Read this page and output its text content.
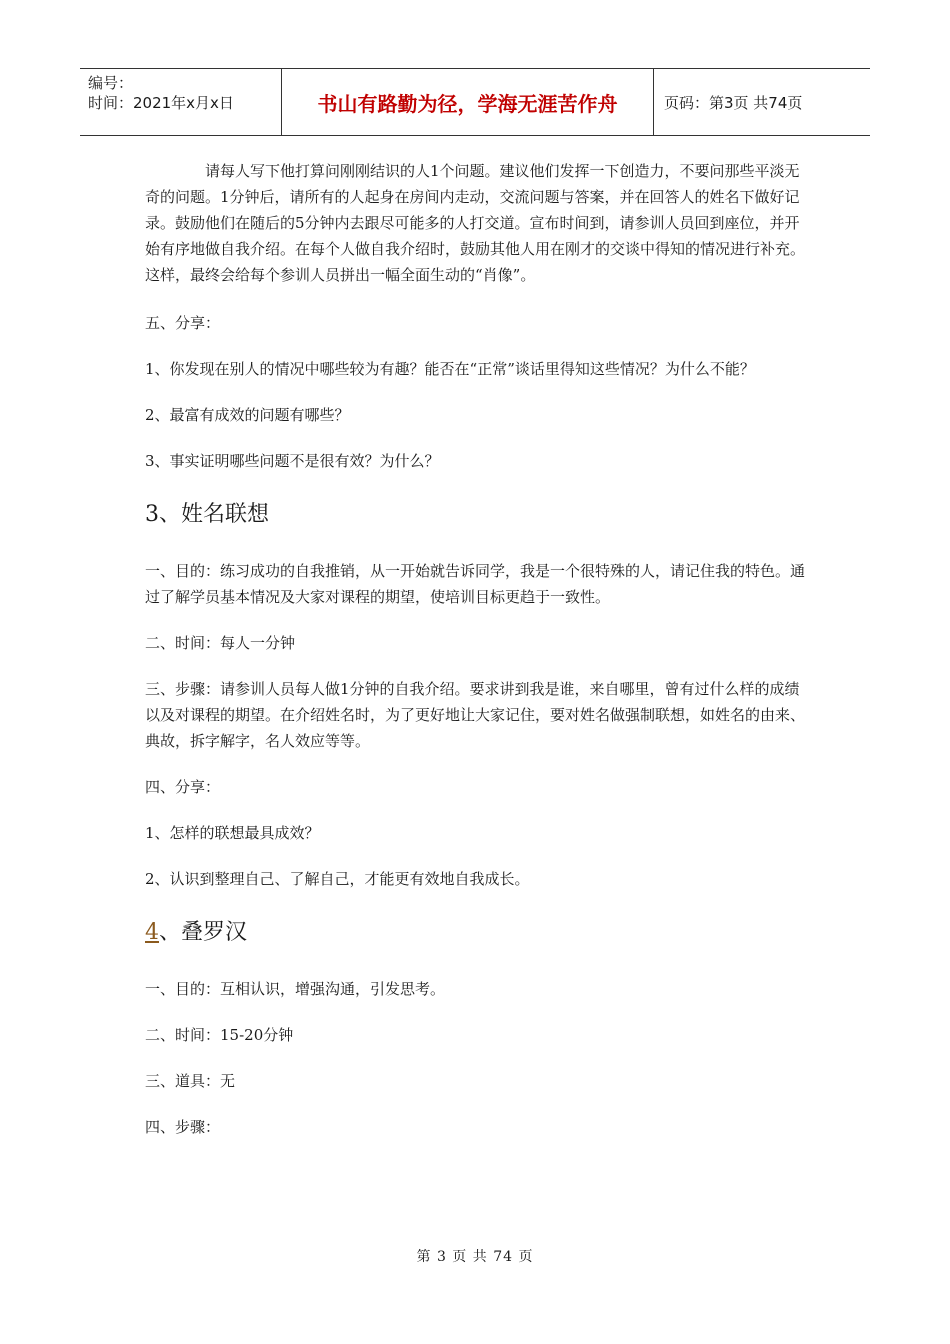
编号：
时间：2021年x月x日	书山有路勤为径，学海无涯苦作舟	页码：第3页 共74页

请每人写下他打算问刚刚结识的人1个问题。建议他们发挥一下创造力，不要问那些平淡无奇的问题。1分钟后，请所有的人起身在房间内走动，交流问题与答案，并在回答人的姓名下做好记录。鼓励他们在随后的5分钟内去跟尽可能多的人打交道。宣布时间到，请参训人员回到座位，并开始有序地做自我介绍。在每个人做自我介绍时，鼓励其他人用在刚才的交谈中得知的情况进行补充。这样，最终会给每个参训人员拼出一幅全面生动的“肖像”。

五、分享：

1、你发现在别人的情况中哪些较为有趣？能否在“正常”谈话里得知这些情况？为什么不能？

2、最富有成效的问题有哪些？

3、事实证明哪些问题不是很有效？为什么？

3、姓名联想

一、目的：练习成功的自我推销，从一开始就告诉同学，我是一个很特殊的人，请记住我的特色。通过了解学员基本情况及大家对课程的期望，使培训目标更趋于一致性。

二、时间：每人一分钟

三、步骤：请参训人员每人做1分钟的自我介绍。要求讲到我是谁，来自哪里，曾有过什么样的成绩以及对课程的期望。在介绍姓名时，为了更好地让大家记住，要对姓名做强制联想，如姓名的由来、典故，拆字解字，名人效应等等。

四、分享：

1、怎样的联想最具成效？

2、认识到整理自己、了解自己，才能更有效地自我成长。

4、叠罗汉

一、目的：互相认识，增强沟通，引发思考。

二、时间：15-20分钟

三、道具：无

四、步骤：

第 3 页 共 74 页
